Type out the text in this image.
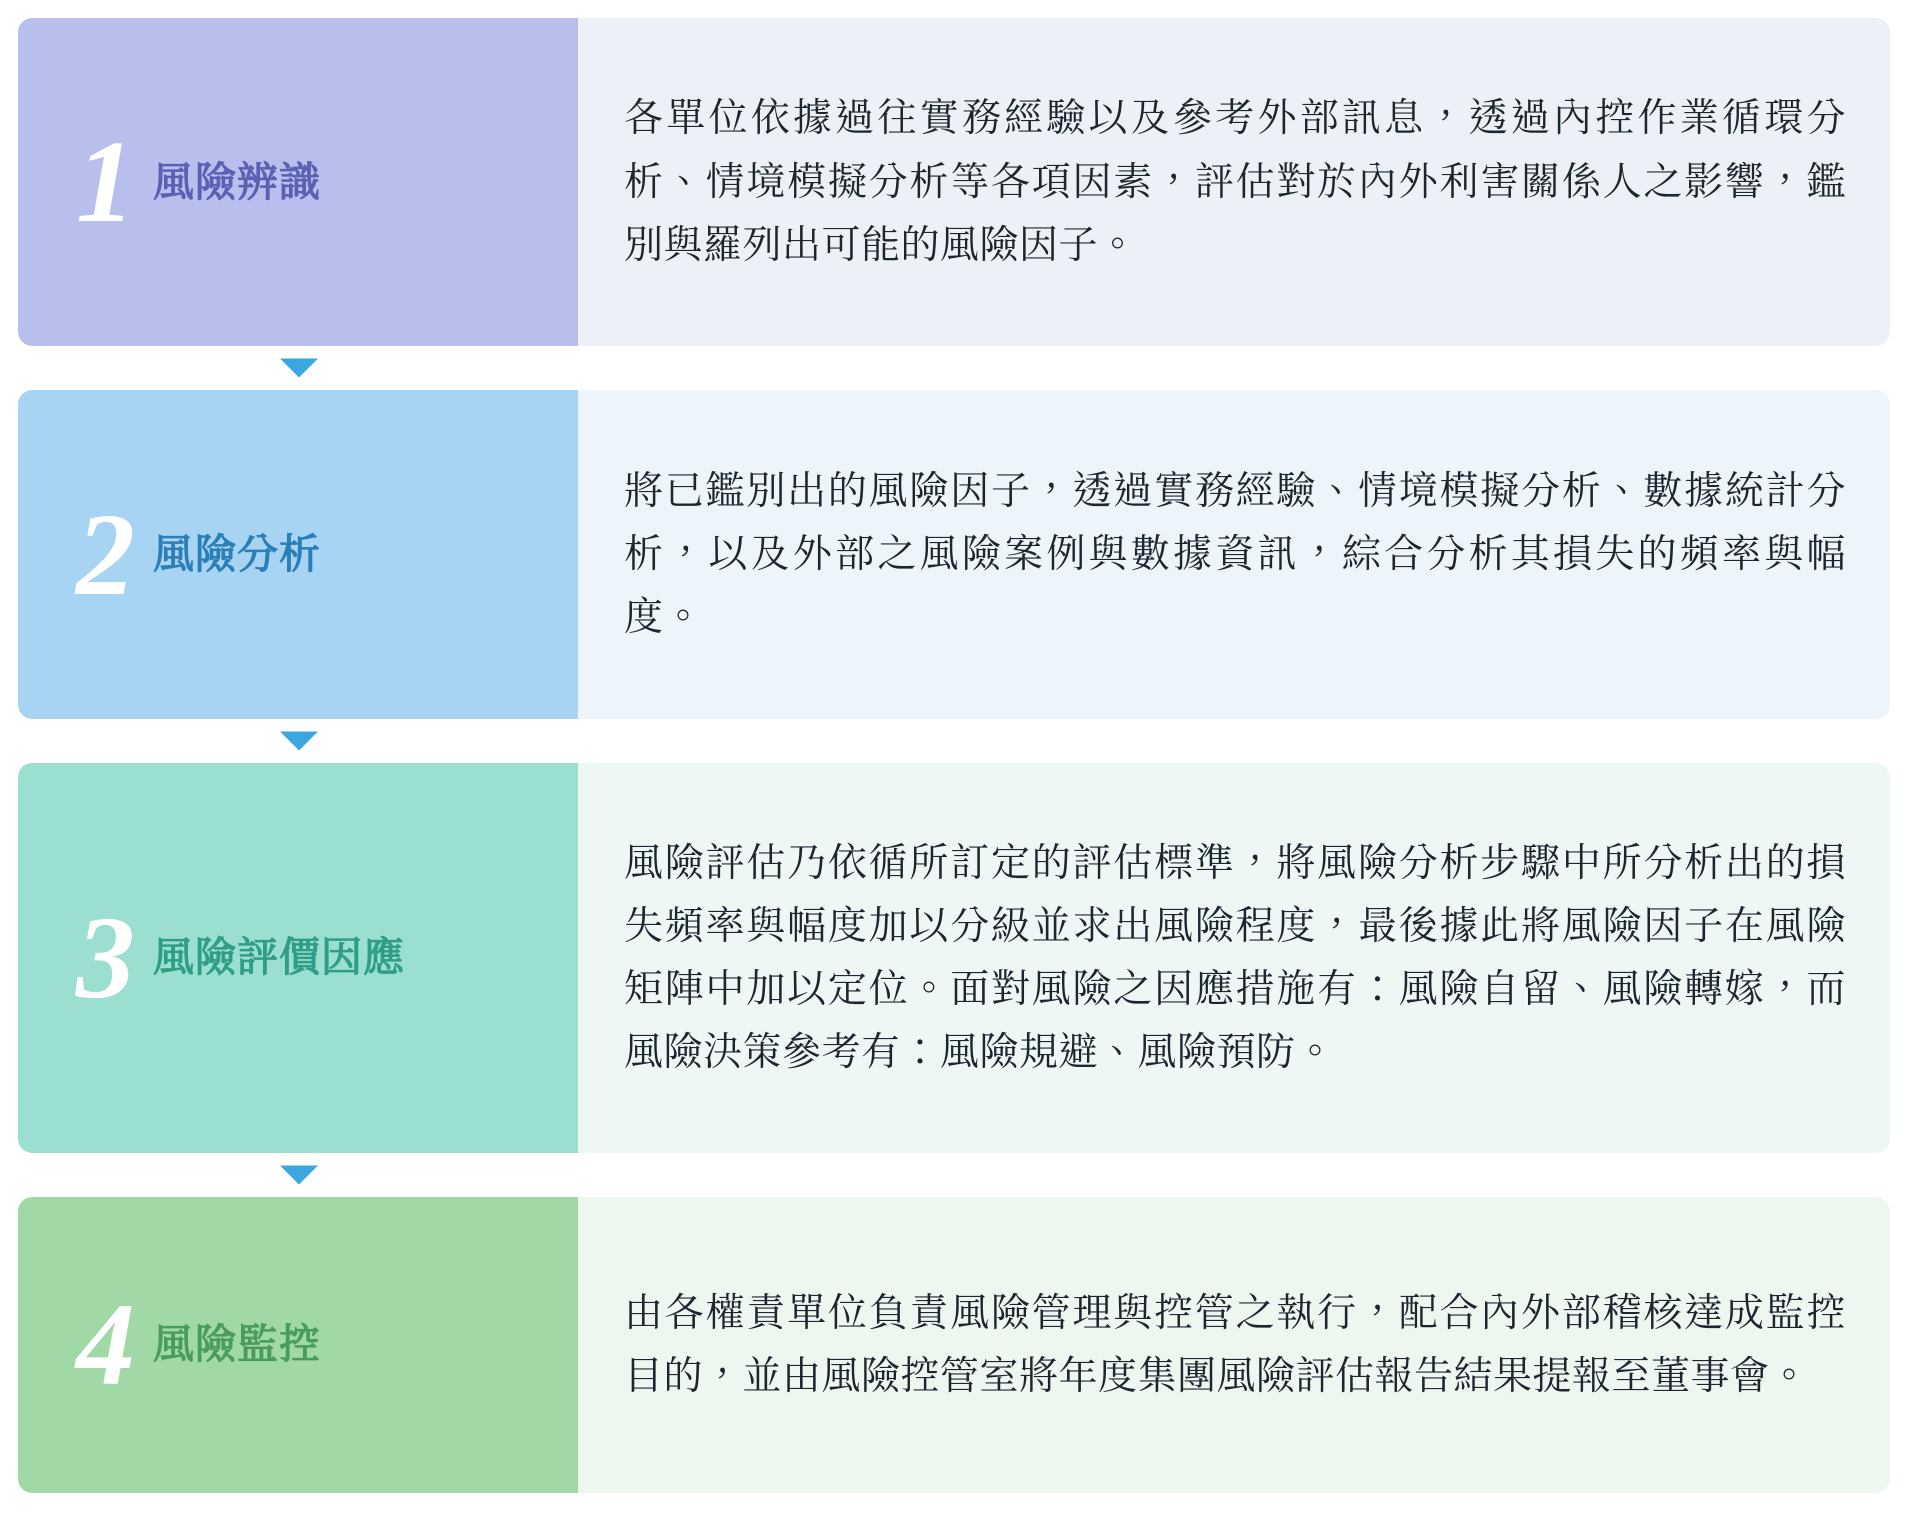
1 風險辨識

各單位依據過往實務經驗以及參考外部訊息，透過內控作業循環分析、情境模擬分析等各項因素，評估對於內外利害關係人之影響，鑑別與羅列出可能的風險因子。

2 風險分析

將已鑑別出的風險因子，透過實務經驗、情境模擬分析、數據統計分析，以及外部之風險案例與數據資訊，綜合分析其損失的頻率與幅度。

3 風險評價因應

風險評估乃依循所訂定的評估標準，將風險分析步驟中所分析出的損失頻率與幅度加以分級並求出風險程度，最後據此將風險因子在風險矩陣中加以定位。面對風險之因應措施有：風險自留、風險轉嫁，而風險決策參考有：風險規避、風險預防。

4 風險監控

由各權責單位負責風險管理與控管之執行，配合內外部稽核達成監控目的，並由風險控管室將年度集團風險評估報告結果提報至董事會。
